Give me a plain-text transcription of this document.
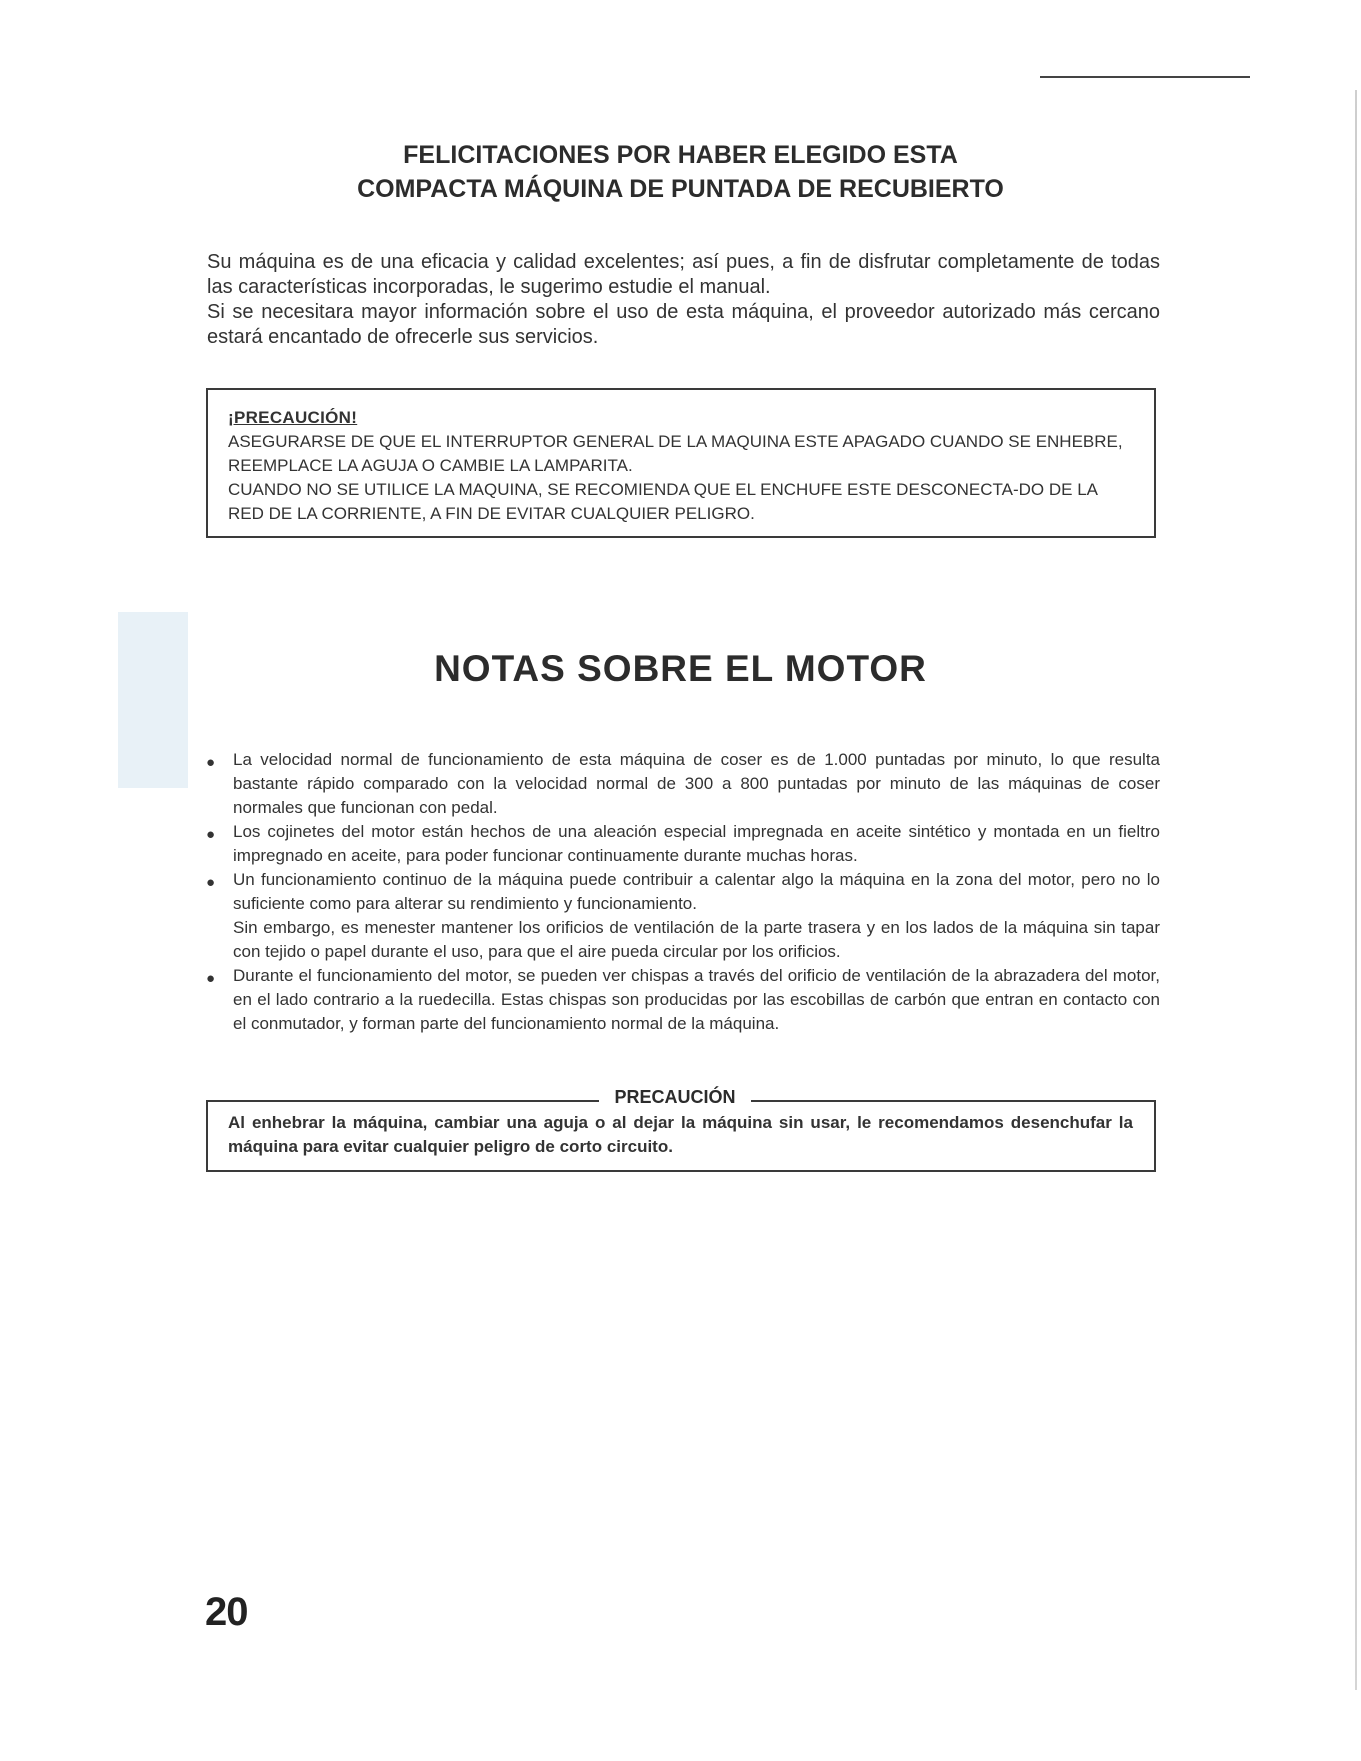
FELICITACIONES POR HABER ELEGIDO ESTA
COMPACTA MÁQUINA DE PUNTADA DE RECUBIERTO

Su máquina es de una eficacia y calidad excelentes; así pues, a fin de disfrutar completamente de todas las características incorporadas, le sugerimo estudie el manual.

Si se necesitara mayor información sobre el uso de esta máquina, el proveedor autorizado más cercano estará encantado de ofrecerle sus servicios.

¡PRECAUCIÓN!

ASEGURARSE DE QUE EL INTERRUPTOR GENERAL DE LA MAQUINA ESTE APAGADO CUANDO SE ENHEBRE, REEMPLACE LA AGUJA O CAMBIE LA LAMPARITA.

CUANDO NO SE UTILICE LA MAQUINA, SE RECOMIENDA QUE EL ENCHUFE ESTE DESCONECTA-DO DE LA RED DE LA CORRIENTE, A FIN DE EVITAR CUALQUIER PELIGRO.

NOTAS SOBRE EL MOTOR
● La velocidad normal de funcionamiento de esta máquina de coser es de 1.000 puntadas por minuto, lo que resulta bastante rápido comparado con la velocidad normal de 300 a 800 puntadas por minuto de las máquinas de coser normales que funcionan con pedal.

● Los cojinetes del motor están hechos de una aleación especial impregnada en aceite sintético y montada en un fieltro impregnado en aceite, para poder funcionar continuamente durante muchas horas.

● Un funcionamiento continuo de la máquina puede contribuir a calentar algo la máquina en la zona del motor, pero no lo suficiente como para alterar su rendimiento y funcionamiento.

Sin embargo, es menester mantener los orificios de ventilación de la parte trasera y en los lados de la máquina sin tapar con tejido o papel durante el uso, para que el aire pueda circular por los orificios.

● Durante el funcionamiento del motor, se pueden ver chispas a través del orificio de ventilación de la abrazadera del motor, en el lado contrario a la ruedecilla. Estas chispas son producidas por las escobillas de carbón que entran en contacto con el conmutador, y forman parte del funcionamiento normal de la máquina.

PRECAUCIÓN
Al enhebrar la máquina, cambiar una aguja o al dejar la máquina sin usar, le recomendamos desenchufar la máquina para evitar cualquier peligro de corto circuito.
20
